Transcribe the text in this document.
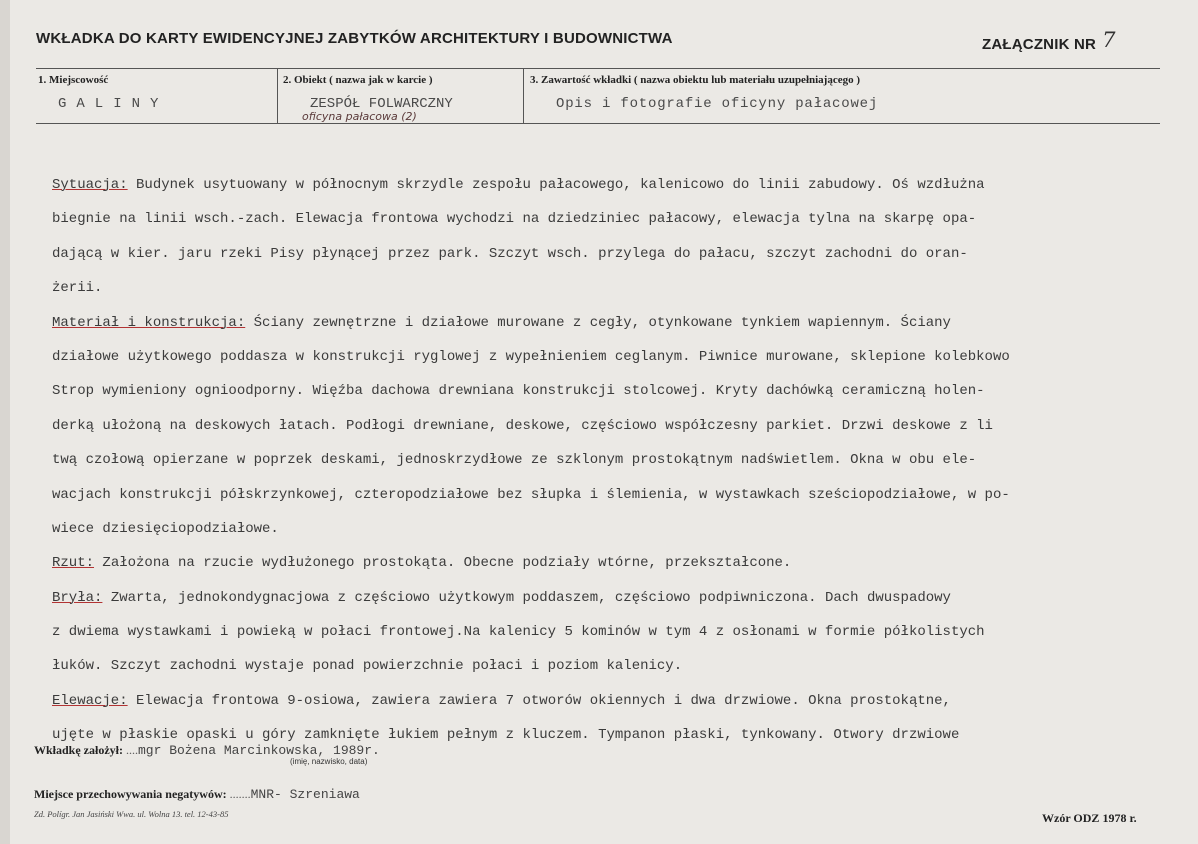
WKŁADKA DO KARTY EWIDENCYJNEJ ZABYTKÓW ARCHITEKTURY I BUDOWNICTWA	ZAŁĄCZNIK NR 7
1. Miejscowość
GALINY
2. Obiekt ( nazwa jak w karcie )
ZESPÓŁ FOLWARCZNY
oficyna pałacowa (2)
3. Zawartość wkładki ( nazwa obiektu lub materiału uzupełniającego )
Opis i fotografie oficyny pałacowej
Sytuacja: Budynek usytuowany w północnym skrzydle zespołu pałacowego, kalenicowo do linii zabudowy. Oś wzdłużna
biegnie na linii wsch.-zach. Elewacja frontowa wychodzi na dziedziniec pałacowy, elewacja tylna na skarpę opa-
dającą w kier. jaru rzeki Pisy płynącej przez park. Szczyt wsch. przylega do pałacu, szczyt zachodni do oran-
żerii.
Materiał i konstrukcja: Ściany zewnętrzne i działowe murowane z cegły, otynkowane tynkiem wapiennym. Ściany
działowe użytkowego poddasza w konstrukcji ryglowej z wypełnieniem ceglanym. Piwnice murowane, sklepione kolebkowo
Strop wymieniony ognioodporny. Więźba dachowa drewniana konstrukcji stolcowej. Kryty dachówką ceramiczną holen-
derką ułożoną na deskowych łatach. Podłogi drewniane, deskowe, częściowo współczesny parkiet. Drzwi deskowe z li
twą czołową opierzane w poprzek deskami, jednoskrzydłowe ze szklonym prostokątnym nadświetlem. Okna w obu ele-
wacjach konstrukcji półskrzynkowej, czteropodziałowe bez słupka i ślemienia, w wystawkach sześciopodziałowe, w po-
wiece dziesięciopodziałowe.
Rzut: Założona na rzucie wydłużonego prostokąta. Obecne podziały wtórne, przekształcone.
Bryła: Zwarta, jednokondygnacjowa z częściowo użytkowym poddaszem, częściowo podpiwniczona. Dach dwuspadowy
z dwiema wystawkami i powieką w połaci frontowej.Na kalenicy 5 kominów w tym 4 z osłonami w formie półkolistych
łuków. Szczyt zachodni wystaje ponad powierzchnie połaci i poziom kalenicy.
Elewacje: Elewacja frontowa 9-osiowa, zawiera zawiera 7 otworów okiennych i dwa drzwiowe. Okna prostokątne,
ujęte w płaskie opaski u góry zamknięte łukiem pełnym z kluczem. Tympanon płaski, tynkowany. Otwory drzwiowe
Wkładkę założył: ....mgr Bożena Marcinkowska, 1989r.
(imię, nazwisko, data)
Miejsce przechowywania negatywów: .......MNR- Szreniawa
Zd. Polígr. Jan Jasiński Wwa. ul. Wolna 13. tel. 12-43-85	Wzór ODZ 1978 r.
